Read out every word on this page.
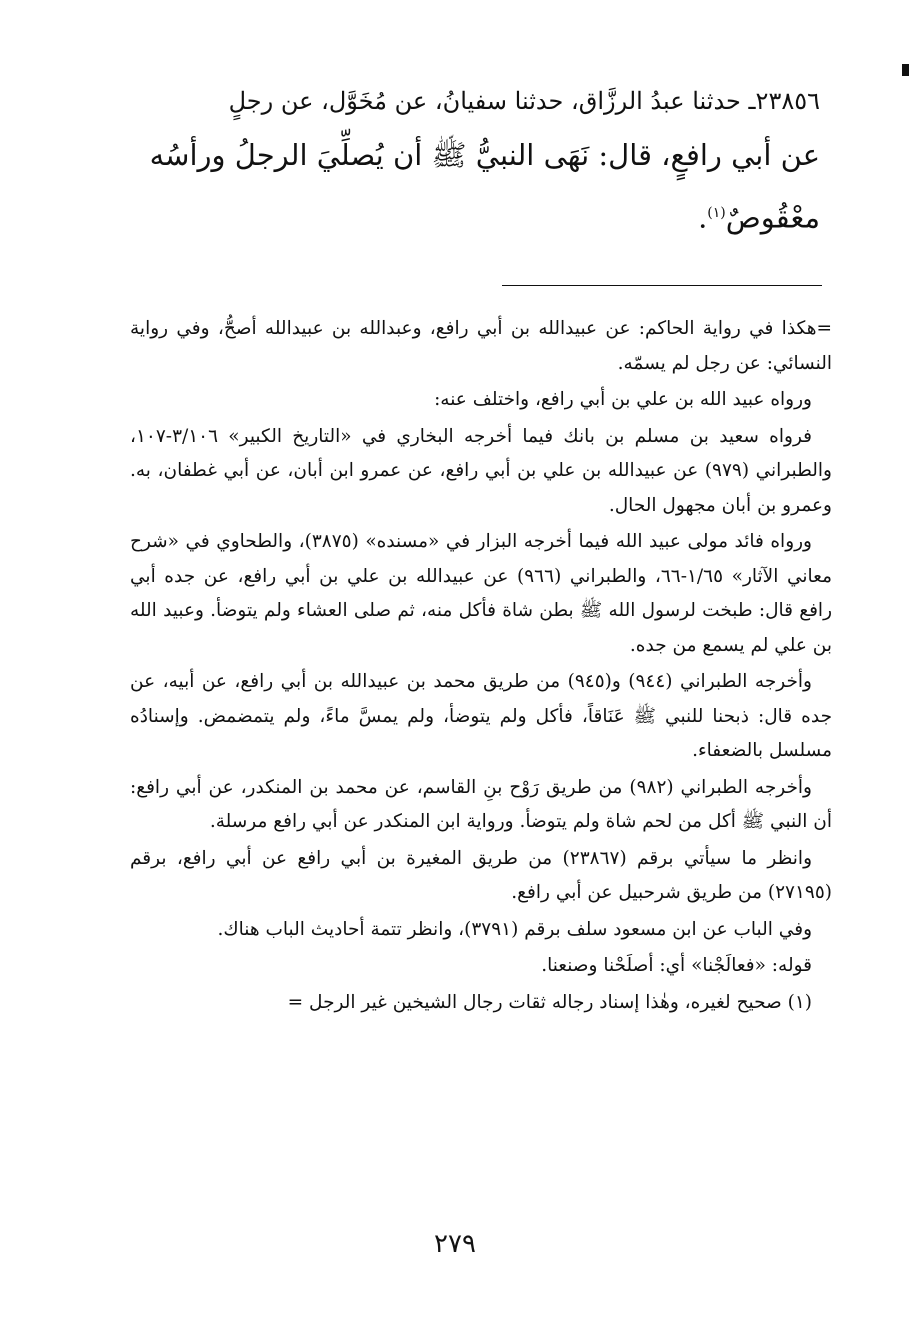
٢٣٨٥٦ـ حدثنا عبدُ الرزَّاق، حدثنا سفيانُ، عن مُخَوَّل، عن رجلٍ
عن أبي رافعٍ، قال: نَهَى النبيُّ ﷺ أن يُصلِّيَ الرجلُ ورأسُه
معْقُوصٌ$^{(١)}$.

=هكذا في رواية الحاكم: عن عبيدالله بن أبي رافع، وعبدالله بن عبيدالله أصحُّ، وفي رواية النسائي: عن رجل لم يسمّه.

ورواه عبيد الله بن علي بن أبي رافع، واختلف عنه:

فرواه سعيد بن مسلم بن بانك فيما أخرجه البخاري في «التاريخ الكبير» ٣/١٠٦-١٠٧، والطبراني (٩٧٩) عن عبيدالله بن علي بن أبي رافع، عن عمرو ابن أبان، عن أبي غطفان، به. وعمرو بن أبان مجهول الحال.

ورواه فائد مولى عبيد الله فيما أخرجه البزار في «مسنده» (٣٨٧٥)، والطحاوي في «شرح معاني الآثار» ١/٦٥-٦٦، والطبراني (٩٦٦) عن عبيدالله بن علي بن أبي رافع، عن جده أبي رافع قال: طبخت لرسول الله ﷺ بطن شاة فأكل منه، ثم صلى العشاء ولم يتوضأ. وعبيد الله بن علي لم يسمع من جده.

وأخرجه الطبراني (٩٤٤) و(٩٤٥) من طريق محمد بن عبيدالله بن أبي رافع، عن أبيه، عن جده قال: ذبحنا للنبي ﷺ عَنَاقاً، فأكل ولم يتوضأ، ولم يمسَّ ماءً، ولم يتمضمض. وإسنادُه مسلسل بالضعفاء.

وأخرجه الطبراني (٩٨٢) من طريق رَوْح بنِ القاسم، عن محمد بن المنكدر، عن أبي رافع: أن النبي ﷺ أكل من لحم شاة ولم يتوضأ. ورواية ابن المنكدر عن أبي رافع مرسلة.

وانظر ما سيأتي برقم (٢٣٨٦٧) من طريق المغيرة بن أبي رافع عن أبي رافع، برقم (٢٧١٩٥) من طريق شرحبيل عن أبي رافع.

وفي الباب عن ابن مسعود سلف برقم (٣٧٩١)، وانظر تتمة أحاديث الباب هناك.

قوله: «فعالَجْنا» أي: أصلَحْنا وصنعنا.

(١) صحيح لغيره، وهٰذا إسناد رجاله ثقات رجال الشيخين غير الرجل =

٢٧٩
